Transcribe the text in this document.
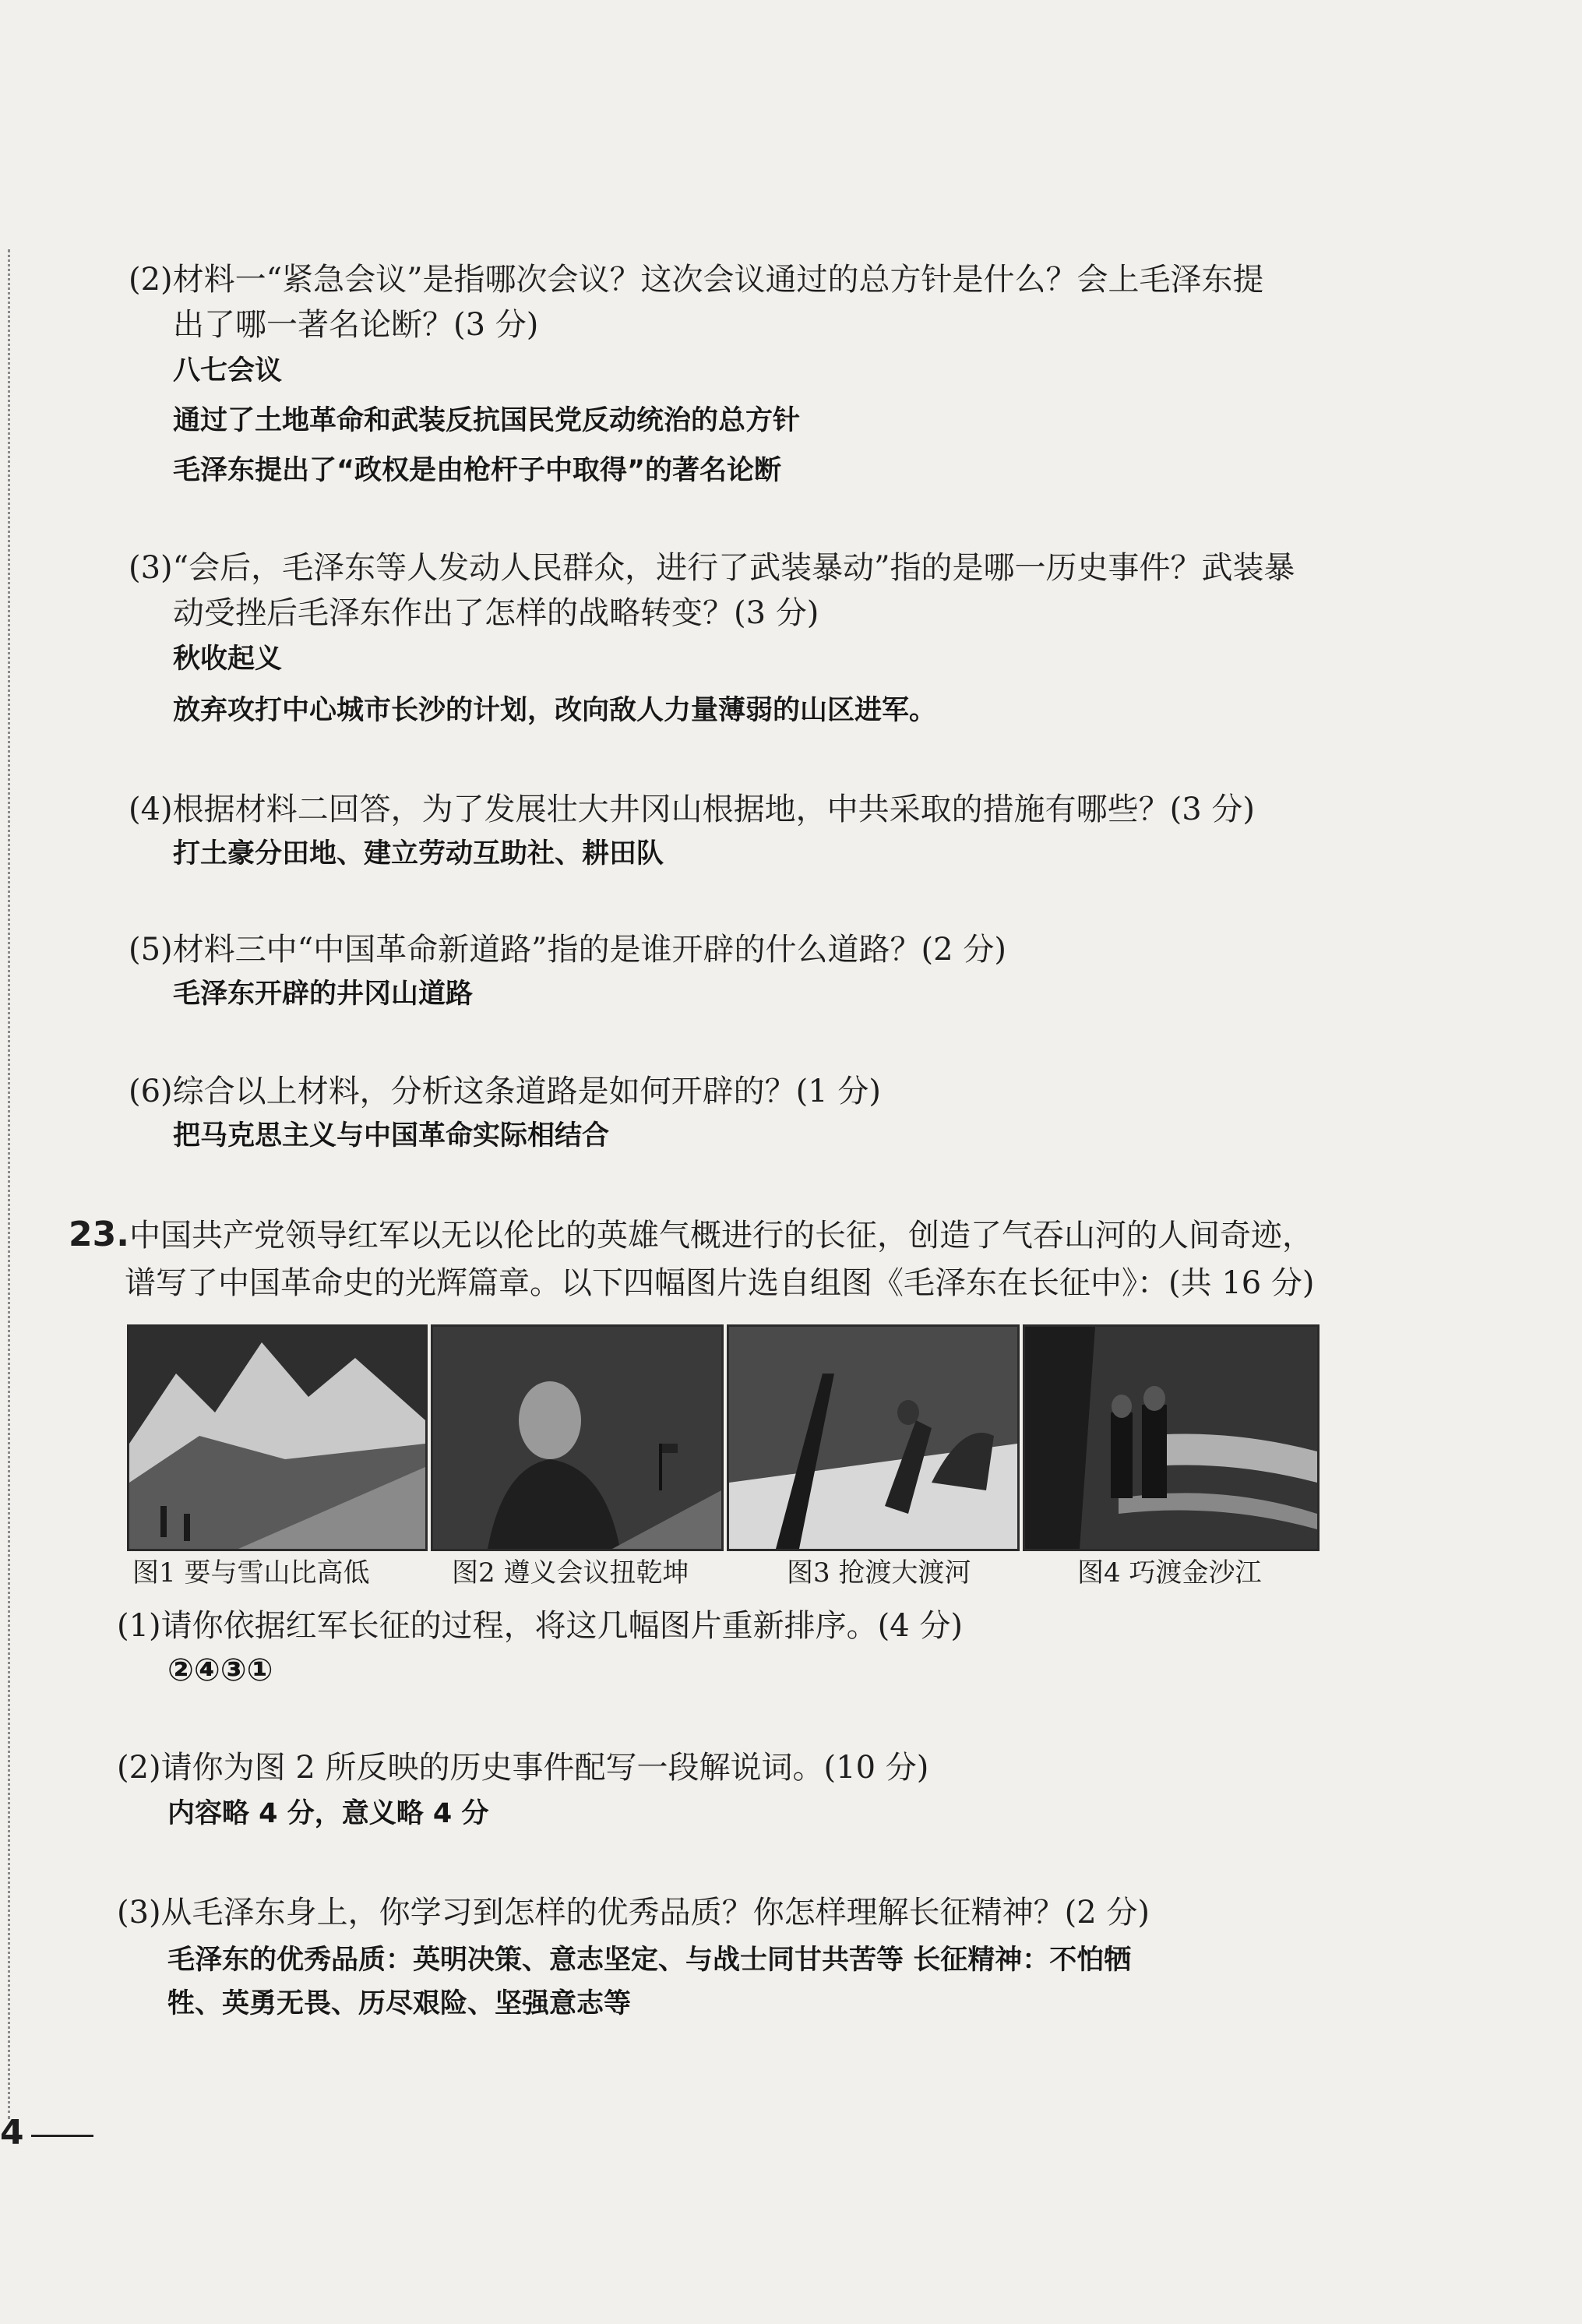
(2)材料一“紧急会议”是指哪次会议？这次会议通过的总方针是什么？会上毛泽东提
出了哪一著名论断？(3 分)
八七会议
通过了土地革命和武装反抗国民党反动统治的总方针
毛泽东提出了“政权是由枪杆子中取得”的著名论断
(3)“会后，毛泽东等人发动人民群众，进行了武装暴动”指的是哪一历史事件？武装暴
动受挫后毛泽东作出了怎样的战略转变？(3 分)
秋收起义
放弃攻打中心城市长沙的计划，改向敌人力量薄弱的山区进军。
(4)根据材料二回答，为了发展壮大井冈山根据地，中共采取的措施有哪些？(3 分)
打土豪分田地、建立劳动互助社、耕田队
(5)材料三中“中国革命新道路”指的是谁开辟的什么道路？(2 分)
毛泽东开辟的井冈山道路
(6)综合以上材料，分析这条道路是如何开辟的？(1 分)
把马克思主义与中国革命实际相结合
23.中国共产党领导红军以无以伦比的英雄气概进行的长征，创造了气吞山河的人间奇迹，
谱写了中国革命史的光辉篇章。以下四幅图片选自组图《毛泽东在长征中》：(共 16 分)
图1 要与雪山比高低	图2 遵义会议扭乾坤	图3 抢渡大渡河	图4 巧渡金沙江
(1)请你依据红军长征的过程，将这几幅图片重新排序。(4 分)
②④③①
(2)请你为图 2 所反映的历史事件配写一段解说词。(10 分)
内容略 4 分，意义略 4 分
(3)从毛泽东身上，你学习到怎样的优秀品质？你怎样理解长征精神？(2 分)
毛泽东的优秀品质：英明决策、意志坚定、与战士同甘共苦等 长征精神：不怕牺
牲、英勇无畏、历尽艰险、坚强意志等
4
